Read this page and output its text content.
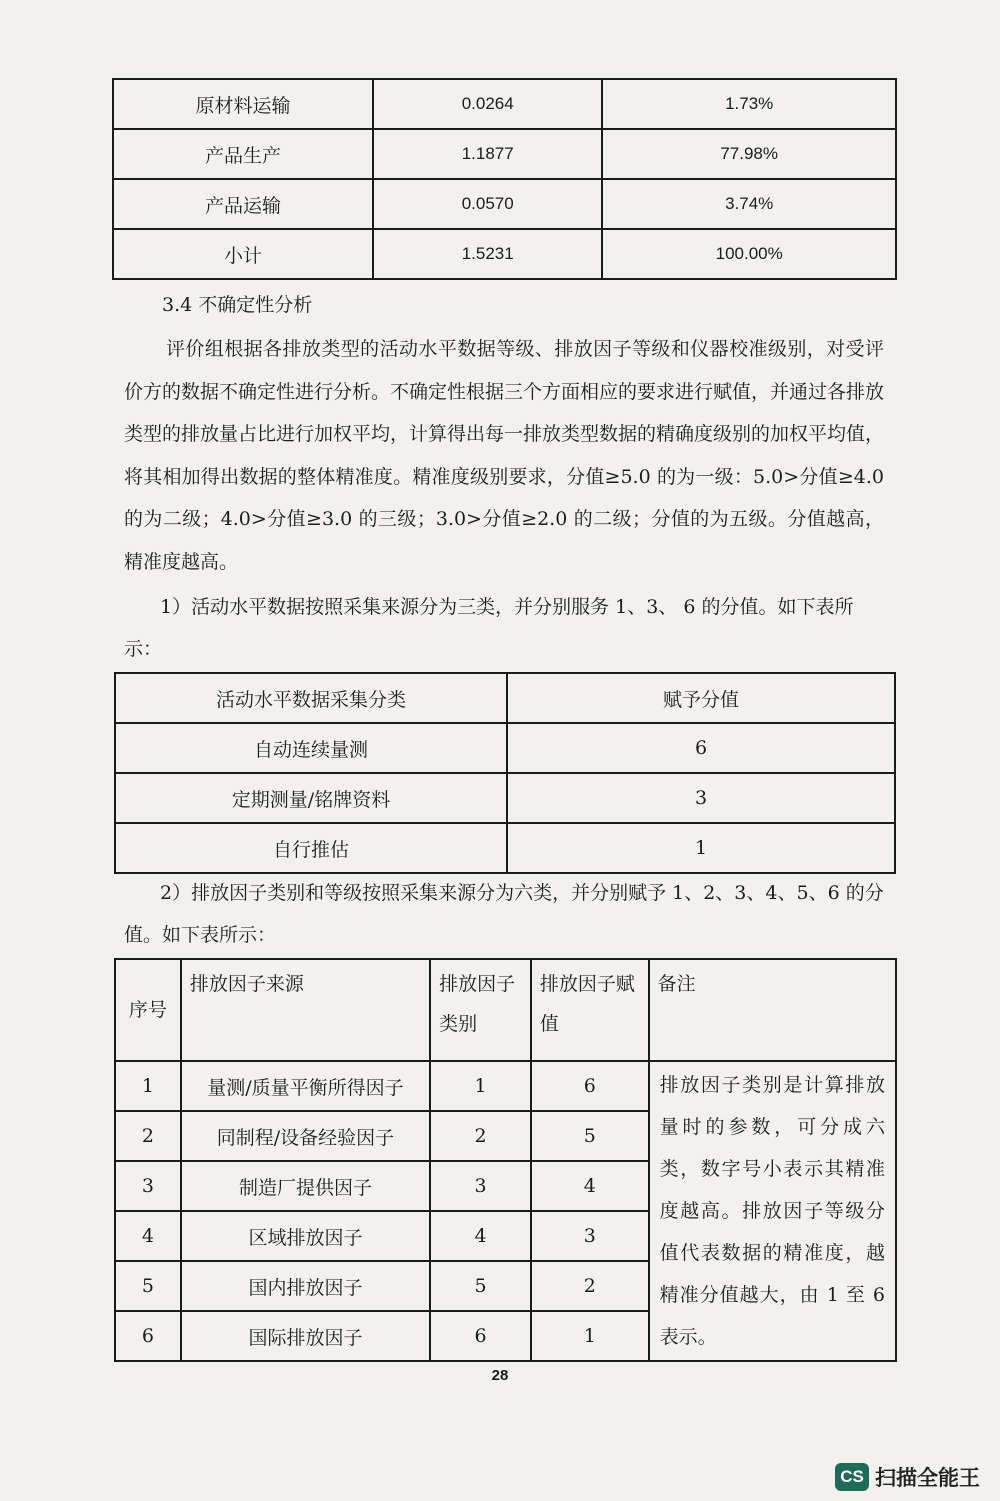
原材料运输	0.0264	1.73%
产品生产	1.1877	77.98%
产品运输	0.0570	3.74%
小计	1.5231	100.00%
3.4 不确定性分析

评价组根据各排放类型的活动水平数据等级、排放因子等级和仪器校准级别，对受评价方的数据不确定性进行分析。不确定性根据三个方面相应的要求进行赋值，并通过各排放类型的排放量占比进行加权平均，计算得出每一排放类型数据的精确度级别的加权平均值，将其相加得出数据的整体精准度。精准度级别要求，分值≥5.0 的为一级：5.0>分值≥4.0 的为二级；4.0>分值≥3.0 的三级；3.0>分值≥2.0 的二级；分值的为五级。分值越高，精准度越高。

1）活动水平数据按照采集来源分为三类，并分别服务 1、3、 6 的分值。如下表所示：

活动水平数据采集分类	赋予分值
自动连续量测	6
定期测量/铭牌资料	3
自行推估	1

2）排放因子类别和等级按照采集来源分为六类，并分别赋予 1、2、3、4、5、6 的分值。如下表所示：

序号	排放因子来源	排放因子类别	排放因子赋值	备注
1	量测/质量平衡所得因子	1	6	排放因子类别是计算排放量时的参数，可分成六类，数字号小表示其精准度越高。排放因子等级分值代表数据的精准度，越精准分值越大，由 1 至 6 表示。
2	同制程/设备经验因子	2	5	
3	制造厂提供因子	3	4	
4	区域排放因子	4	3	
5	国内排放因子	5	2	
6	国际排放因子	6	1	
28
CS 扫描全能王
